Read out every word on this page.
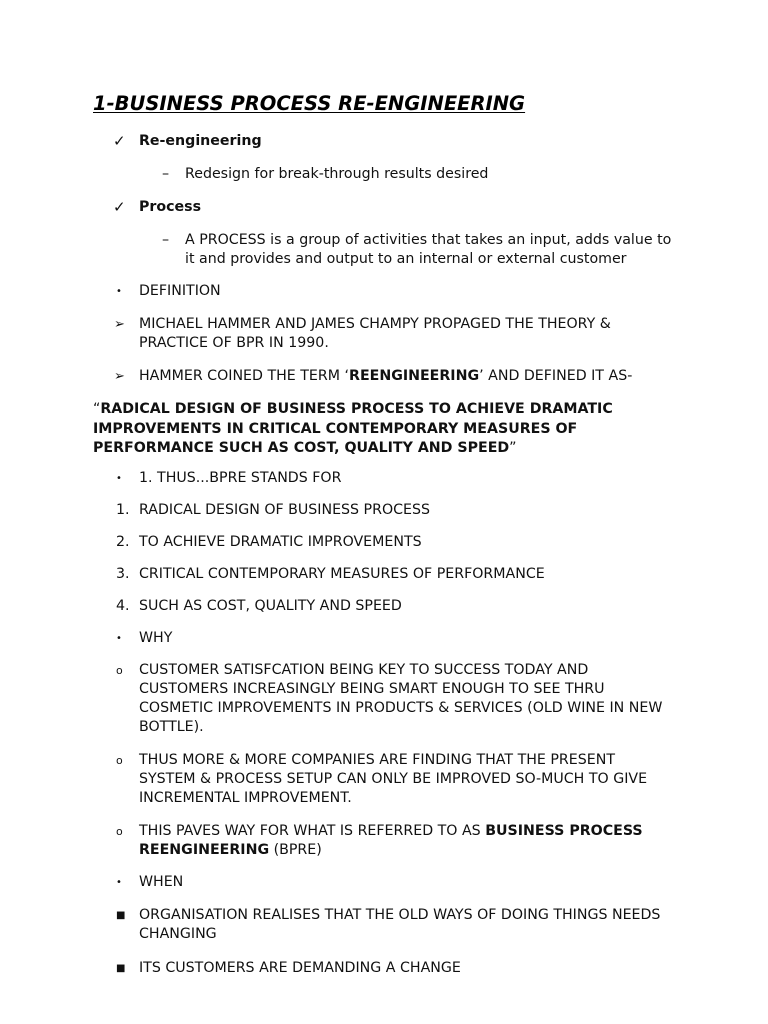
1-BUSINESS PROCESS RE-ENGINEERING
✓ Re-engineering
– Redesign for break-through results desired
✓ Process
– A PROCESS is a group of activities that takes an input, adds value to
it and provides and output to an internal or external customer
• DEFINITION
➢ MICHAEL HAMMER AND JAMES CHAMPY PROPAGED THE THEORY &
PRACTICE OF BPR IN 1990.
➢ HAMMER COINED THE TERM ‘REENGINEERING’ AND DEFINED IT AS-
“RADICAL DESIGN OF BUSINESS PROCESS TO ACHIEVE DRAMATIC
IMPROVEMENTS IN CRITICAL CONTEMPORARY MEASURES OF
PERFORMANCE SUCH AS COST, QUALITY AND SPEED”
• 1. THUS...BPRE STANDS FOR
1. RADICAL DESIGN OF BUSINESS PROCESS
2. TO ACHIEVE DRAMATIC IMPROVEMENTS
3. CRITICAL CONTEMPORARY MEASURES OF PERFORMANCE
4. SUCH AS COST, QUALITY AND SPEED
• WHY
o CUSTOMER SATISFCATION BEING KEY TO SUCCESS TODAY AND
CUSTOMERS INCREASINGLY BEING SMART ENOUGH TO SEE THRU
COSMETIC IMPROVEMENTS IN PRODUCTS & SERVICES (OLD WINE IN NEW
BOTTLE).
o THUS MORE & MORE COMPANIES ARE FINDING THAT THE PRESENT
SYSTEM & PROCESS SETUP CAN ONLY BE IMPROVED SO-MUCH TO GIVE
INCREMENTAL IMPROVEMENT.
o THIS PAVES WAY FOR WHAT IS REFERRED TO AS BUSINESS PROCESS
REENGINEERING (BPRE)
• WHEN
■ ORGANISATION REALISES THAT THE OLD WAYS OF DOING THINGS NEEDS
CHANGING
■ ITS CUSTOMERS ARE DEMANDING A CHANGE
